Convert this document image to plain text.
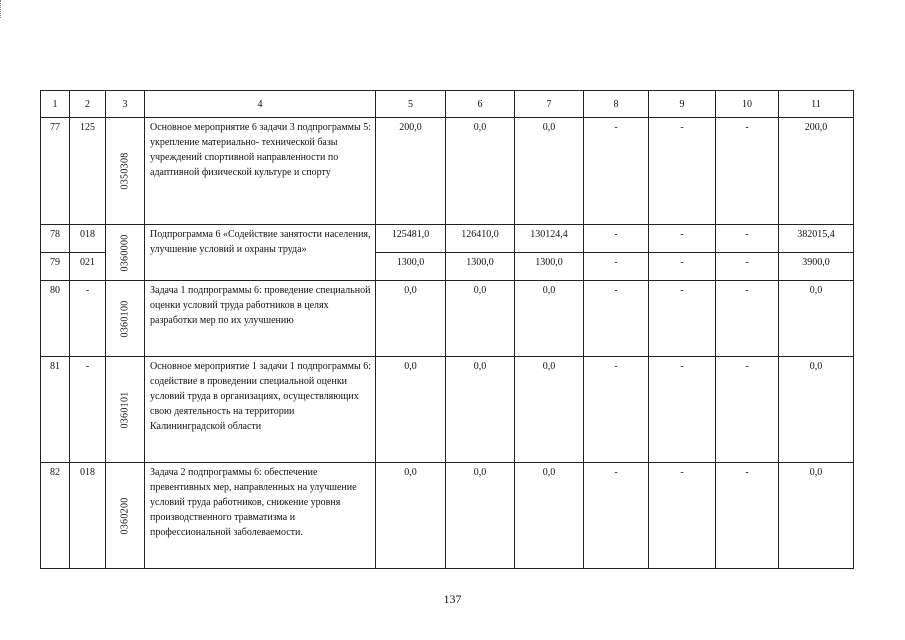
1	2	3	4	5	6	7	8	9	10	11
77	125	0350308	Основное мероприятие 6 задачи 3 подпрограммы 5: укрепление материально- технической базы учреждений спортивной направленности по адаптивной физической культуре и спорту	200,0	0,0	0,0	-	-	-	200,0
78	018	0360000	Подпрограмма 6 «Содействие занятости населения, улучшение условий и охраны труда»	125481,0	126410,0	130124,4	-	-	-	382015,4
79	021			1300,0	1300,0	1300,0	-	-	-	3900,0
80	-	0360100	Задача 1 подпрограммы 6: проведение специальной оценки условий труда работников в целях разработки мер по их улучшению	0,0	0,0	0,0	-	-	-	0,0
81	-	0360101	Основное мероприятие 1 задачи 1 подпрограммы 6: содействие в проведении специальной оценки условий труда в организациях, осуществляющих свою деятельность на территории Калининградской области	0,0	0,0	0,0	-	-	-	0,0
82	018	0360200	Задача 2 подпрограммы 6: обеспечение превентивных мер, направленных на улучшение условий труда работников, снижение уровня производственного травматизма и профессиональной заболеваемости.	0,0	0,0	0,0	-	-	-	0,0
137
